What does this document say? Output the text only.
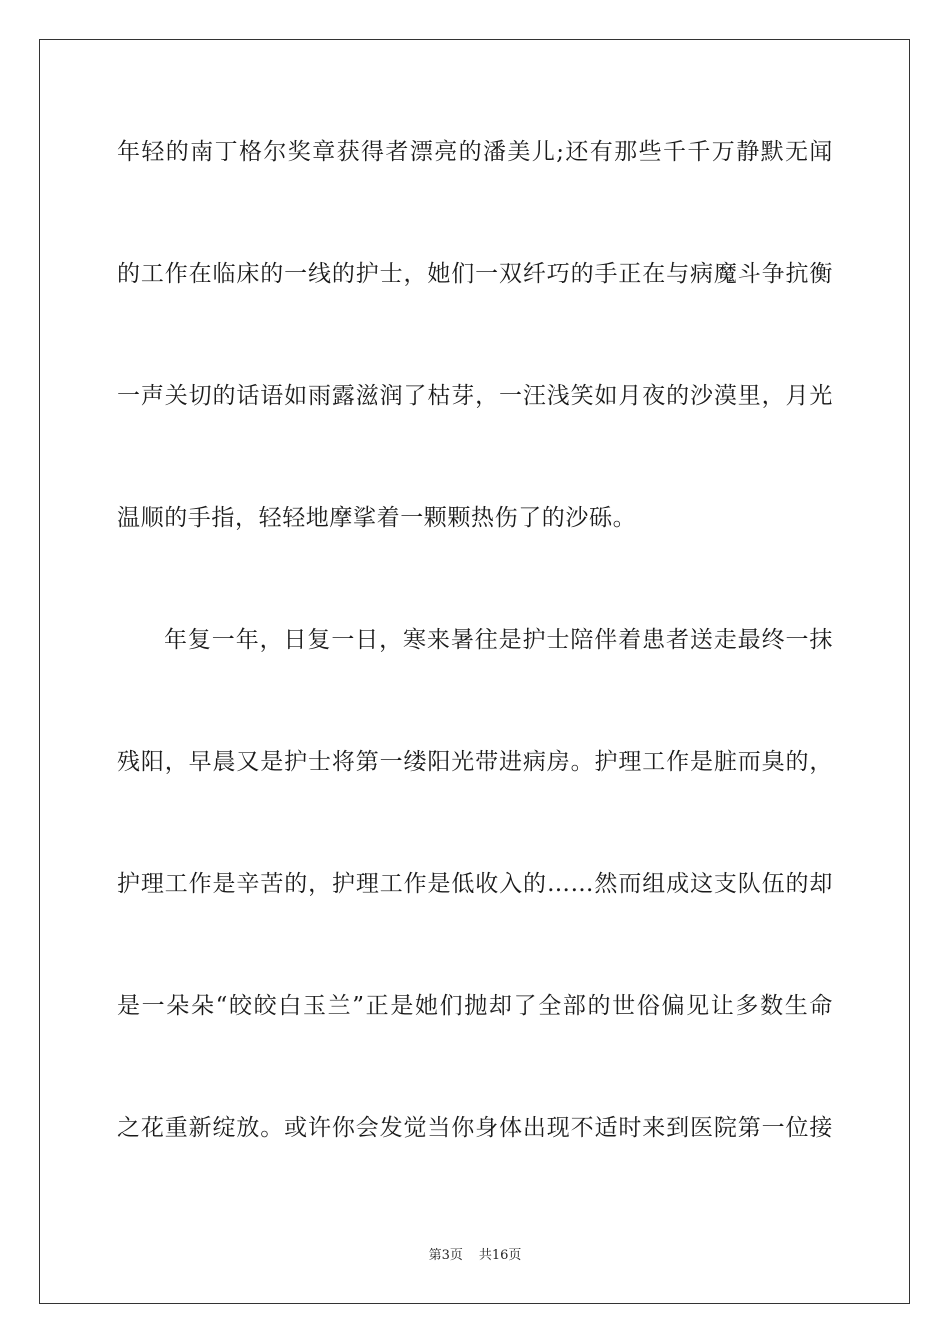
年轻的南丁格尔奖章获得者漂亮的潘美儿;还有那些千千万静默无闻
的工作在临床的一线的护士，她们一双纤巧的手正在与病魔斗争抗衡
一声关切的话语如雨露滋润了枯芽，一汪浅笑如月夜的沙漠里，月光
温顺的手指，轻轻地摩挲着一颗颗热伤了的沙砾。
年复一年，日复一日，寒来暑往是护士陪伴着患者送走最终一抹
残阳，早晨又是护士将第一缕阳光带进病房。护理工作是脏而臭的，
护理工作是辛苦的，护理工作是低收入的……然而组成这支队伍的却
是一朵朵“皎皎白玉兰”正是她们抛却了全部的世俗偏见让多数生命
之花重新绽放。或许你会发觉当你身体出现不适时来到医院第一位接
第3页 共16页
